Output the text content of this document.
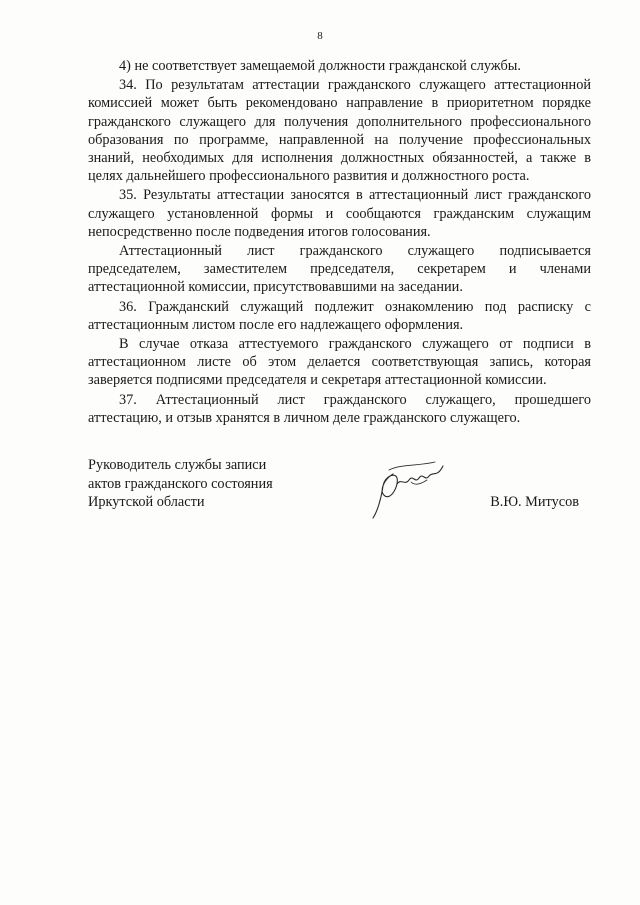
8

4) не соответствует замещаемой должности гражданской службы.

34. По результатам аттестации гражданского служащего аттестационной комиссией может быть рекомендовано направление в приоритетном порядке гражданского служащего для получения дополнительного профессионального образования по программе, направленной на получение профессиональных знаний, необходимых для исполнения должностных обязанностей, а также в целях дальнейшего профессионального развития и должностного роста.

35. Результаты аттестации заносятся в аттестационный лист гражданского служащего установленной формы и сообщаются гражданским служащим непосредственно после подведения итогов голосования.

Аттестационный лист гражданского служащего подписывается председателем, заместителем председателя, секретарем и членами аттестационной комиссии, присутствовавшими на заседании.

36. Гражданский служащий подлежит ознакомлению под расписку с аттестационным листом после его надлежащего оформления.

В случае отказа аттестуемого гражданского служащего от подписи в аттестационном листе об этом делается соответствующая запись, которая заверяется подписями председателя и секретаря аттестационной комиссии.

37. Аттестационный лист гражданского служащего, прошедшего аттестацию, и отзыв хранятся в личном деле гражданского служащего.

Руководитель службы записи
актов гражданского состояния
Иркутской области	В.Ю. Митусов
